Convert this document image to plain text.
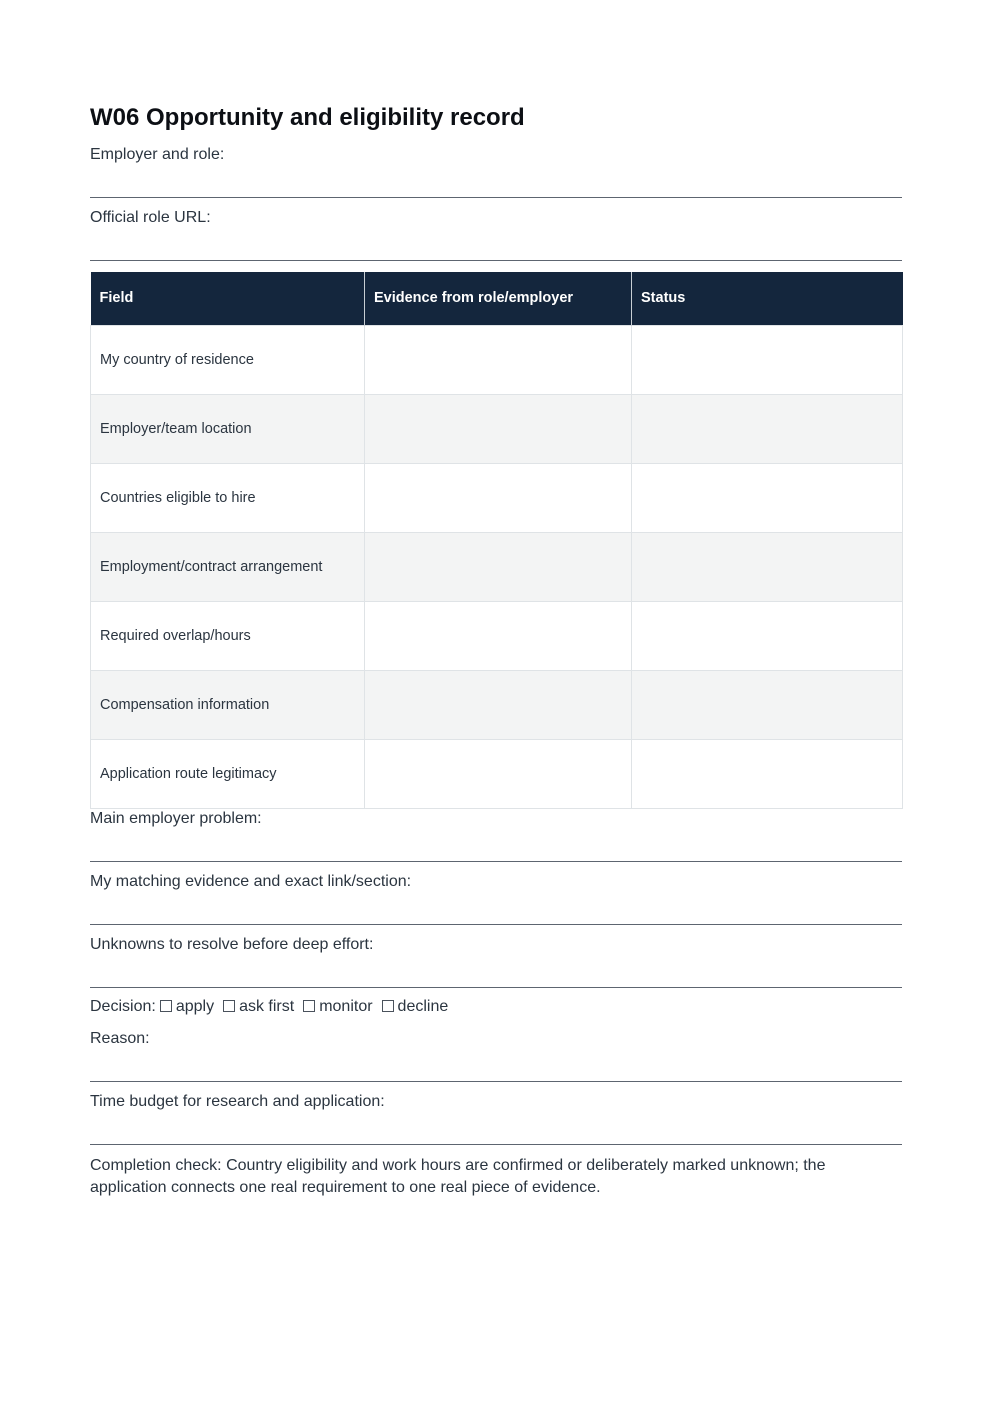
W06 Opportunity and eligibility record
Employer and role:
Official role URL:
Field	Evidence from role/employer	Status
My country of residence		
Employer/team location		
Countries eligible to hire		
Employment/contract arrangement		
Required overlap/hours		
Compensation information		
Application route legitimacy		
Main employer problem:
My matching evidence and exact link/section:
Unknowns to resolve before deep effort:
Decision: apply ask first monitor decline
Reason:
Time budget for research and application:

Completion check: Country eligibility and work hours are confirmed or deliberately marked unknown; the application connects one real requirement to one real piece of evidence.
